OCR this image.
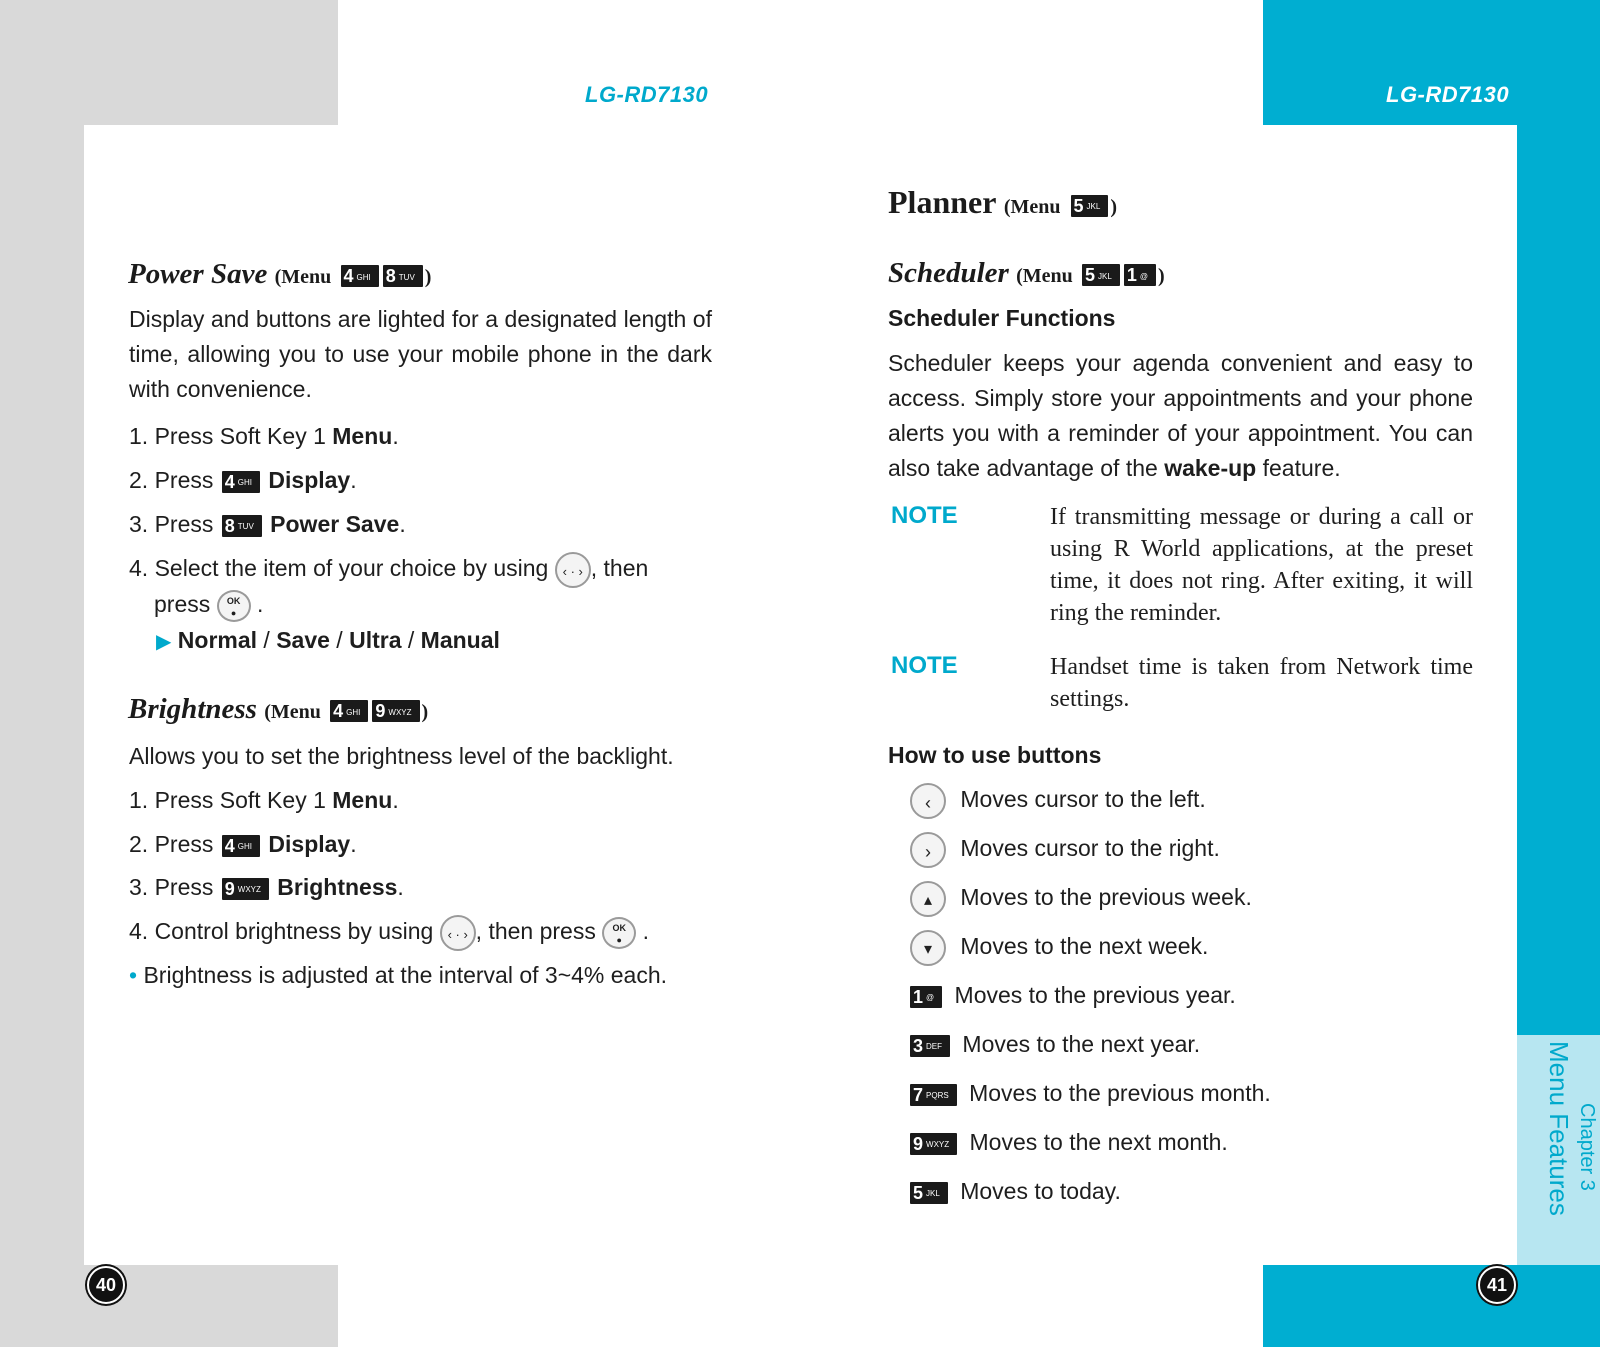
LG-RD7130	LG-RD7130
Power Save (Menu 4 GHI 8 TUV )
Display and buttons are lighted for a designated length of time, allowing you to use your mobile phone in the dark with convenience.
1. Press Soft Key 1 Menu.
2. Press 4 GHI Display.
3. Press 8 TUV Power Save.
4. Select the item of your choice by using ‹ · › , then
press OK
● .
▶ Normal / Save / Ultra / Manual
Brightness (Menu 4 GHI 9 WXYZ )
Allows you to set the brightness level of the backlight.
1. Press Soft Key 1 Menu.
2. Press 4 GHI Display.
3. Press 9 WXYZ Brightness.
4. Control brightness by using ‹ · › , then press OK
● .
• Brightness is adjusted at the interval of 3~4% each.
40
Planner (Menu 5 JKL )
Scheduler (Menu 5 JKL 1 @ )
Scheduler Functions
Scheduler keeps your agenda convenient and easy to access. Simply store your appointments and your phone alerts you with a reminder of your appointment. You can also take advantage of the wake-up feature.
NOTE	If transmitting message or during a call or using R World applications, at the preset time, it does not ring. After exiting, it will ring the reminder.
NOTE	Handset time is taken from Network time settings.
How to use buttons
‹ Moves cursor to the left.
› Moves cursor to the right.
▴ Moves to the previous week.
▾ Moves to the next week.
1 @ Moves to the previous year.
3 DEF Moves to the next year.
7 PQRS Moves to the previous month.
9 WXYZ Moves to the next month.
5 JKL Moves to today.	Menu Features Chapter 3
41
